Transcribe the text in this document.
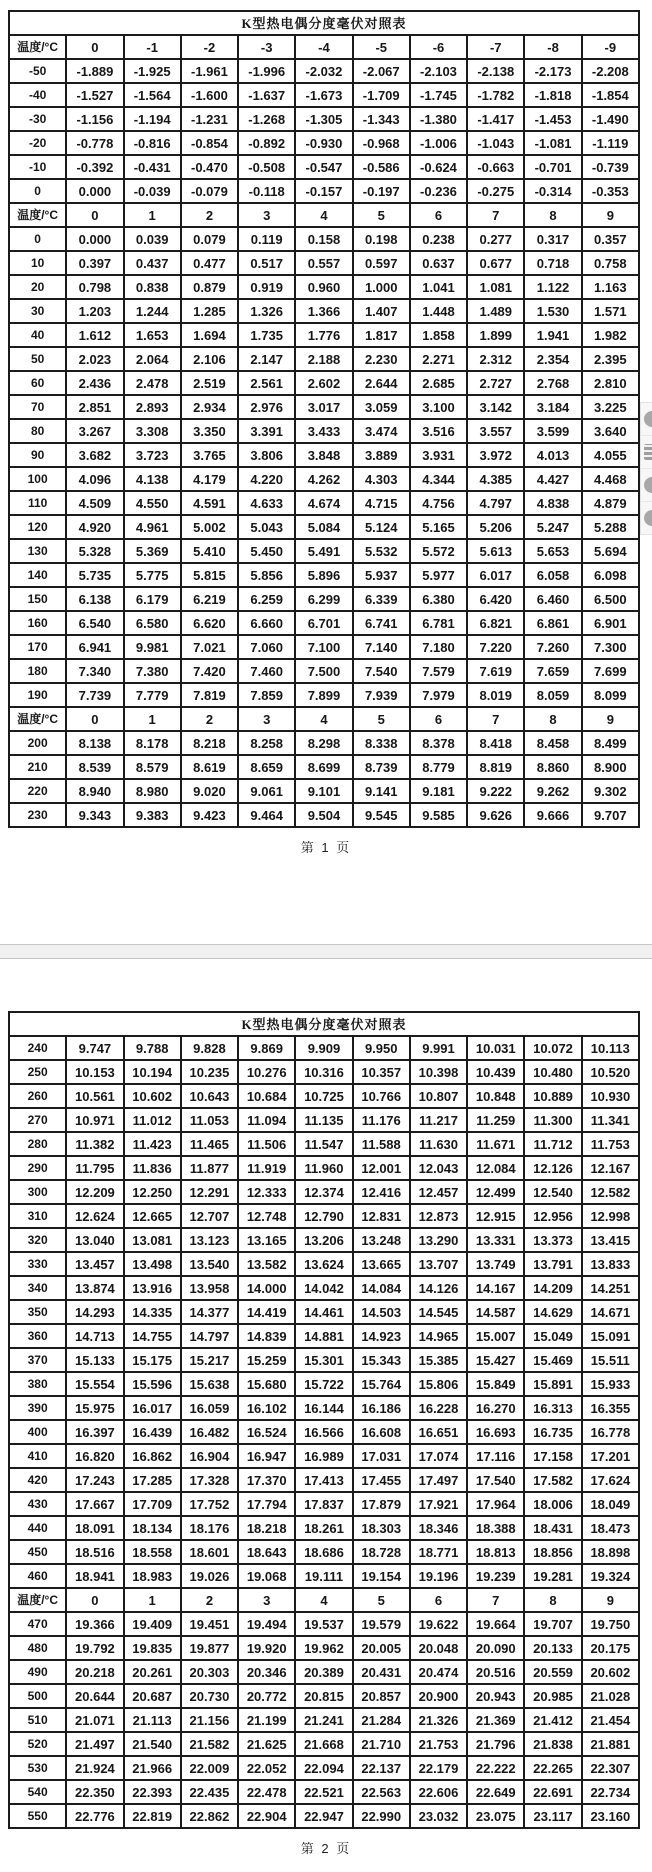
K型热电偶分度毫伏对照表										
温度/°C	0	-1	-2	-3	-4	-5	-6	-7	-8	-9
-50	-1.889	-1.925	-1.961	-1.996	-2.032	-2.067	-2.103	-2.138	-2.173	-2.208
-40	-1.527	-1.564	-1.600	-1.637	-1.673	-1.709	-1.745	-1.782	-1.818	-1.854
-30	-1.156	-1.194	-1.231	-1.268	-1.305	-1.343	-1.380	-1.417	-1.453	-1.490
-20	-0.778	-0.816	-0.854	-0.892	-0.930	-0.968	-1.006	-1.043	-1.081	-1.119
-10	-0.392	-0.431	-0.470	-0.508	-0.547	-0.586	-0.624	-0.663	-0.701	-0.739
0	0.000	-0.039	-0.079	-0.118	-0.157	-0.197	-0.236	-0.275	-0.314	-0.353
温度/°C	0	1	2	3	4	5	6	7	8	9
0	0.000	0.039	0.079	0.119	0.158	0.198	0.238	0.277	0.317	0.357
10	0.397	0.437	0.477	0.517	0.557	0.597	0.637	0.677	0.718	0.758
20	0.798	0.838	0.879	0.919	0.960	1.000	1.041	1.081	1.122	1.163
30	1.203	1.244	1.285	1.326	1.366	1.407	1.448	1.489	1.530	1.571
40	1.612	1.653	1.694	1.735	1.776	1.817	1.858	1.899	1.941	1.982
50	2.023	2.064	2.106	2.147	2.188	2.230	2.271	2.312	2.354	2.395
60	2.436	2.478	2.519	2.561	2.602	2.644	2.685	2.727	2.768	2.810
70	2.851	2.893	2.934	2.976	3.017	3.059	3.100	3.142	3.184	3.225
80	3.267	3.308	3.350	3.391	3.433	3.474	3.516	3.557	3.599	3.640
90	3.682	3.723	3.765	3.806	3.848	3.889	3.931	3.972	4.013	4.055
100	4.096	4.138	4.179	4.220	4.262	4.303	4.344	4.385	4.427	4.468
110	4.509	4.550	4.591	4.633	4.674	4.715	4.756	4.797	4.838	4.879
120	4.920	4.961	5.002	5.043	5.084	5.124	5.165	5.206	5.247	5.288
130	5.328	5.369	5.410	5.450	5.491	5.532	5.572	5.613	5.653	5.694
140	5.735	5.775	5.815	5.856	5.896	5.937	5.977	6.017	6.058	6.098
150	6.138	6.179	6.219	6.259	6.299	6.339	6.380	6.420	6.460	6.500
160	6.540	6.580	6.620	6.660	6.701	6.741	6.781	6.821	6.861	6.901
170	6.941	9.981	7.021	7.060	7.100	7.140	7.180	7.220	7.260	7.300
180	7.340	7.380	7.420	7.460	7.500	7.540	7.579	7.619	7.659	7.699
190	7.739	7.779	7.819	7.859	7.899	7.939	7.979	8.019	8.059	8.099
温度/°C	0	1	2	3	4	5	6	7	8	9
200	8.138	8.178	8.218	8.258	8.298	8.338	8.378	8.418	8.458	8.499
210	8.539	8.579	8.619	8.659	8.699	8.739	8.779	8.819	8.860	8.900
220	8.940	8.980	9.020	9.061	9.101	9.141	9.181	9.222	9.262	9.302
230	9.343	9.383	9.423	9.464	9.504	9.545	9.585	9.626	9.666	9.707
第 1 页
K型热电偶分度毫伏对照表										
240	9.747	9.788	9.828	9.869	9.909	9.950	9.991	10.031	10.072	10.113
250	10.153	10.194	10.235	10.276	10.316	10.357	10.398	10.439	10.480	10.520
260	10.561	10.602	10.643	10.684	10.725	10.766	10.807	10.848	10.889	10.930
270	10.971	11.012	11.053	11.094	11.135	11.176	11.217	11.259	11.300	11.341
280	11.382	11.423	11.465	11.506	11.547	11.588	11.630	11.671	11.712	11.753
290	11.795	11.836	11.877	11.919	11.960	12.001	12.043	12.084	12.126	12.167
300	12.209	12.250	12.291	12.333	12.374	12.416	12.457	12.499	12.540	12.582
310	12.624	12.665	12.707	12.748	12.790	12.831	12.873	12.915	12.956	12.998
320	13.040	13.081	13.123	13.165	13.206	13.248	13.290	13.331	13.373	13.415
330	13.457	13.498	13.540	13.582	13.624	13.665	13.707	13.749	13.791	13.833
340	13.874	13.916	13.958	14.000	14.042	14.084	14.126	14.167	14.209	14.251
350	14.293	14.335	14.377	14.419	14.461	14.503	14.545	14.587	14.629	14.671
360	14.713	14.755	14.797	14.839	14.881	14.923	14.965	15.007	15.049	15.091
370	15.133	15.175	15.217	15.259	15.301	15.343	15.385	15.427	15.469	15.511
380	15.554	15.596	15.638	15.680	15.722	15.764	15.806	15.849	15.891	15.933
390	15.975	16.017	16.059	16.102	16.144	16.186	16.228	16.270	16.313	16.355
400	16.397	16.439	16.482	16.524	16.566	16.608	16.651	16.693	16.735	16.778
410	16.820	16.862	16.904	16.947	16.989	17.031	17.074	17.116	17.158	17.201
420	17.243	17.285	17.328	17.370	17.413	17.455	17.497	17.540	17.582	17.624
430	17.667	17.709	17.752	17.794	17.837	17.879	17.921	17.964	18.006	18.049
440	18.091	18.134	18.176	18.218	18.261	18.303	18.346	18.388	18.431	18.473
450	18.516	18.558	18.601	18.643	18.686	18.728	18.771	18.813	18.856	18.898
460	18.941	18.983	19.026	19.068	19.111	19.154	19.196	19.239	19.281	19.324
温度/°C	0	1	2	3	4	5	6	7	8	9
470	19.366	19.409	19.451	19.494	19.537	19.579	19.622	19.664	19.707	19.750
480	19.792	19.835	19.877	19.920	19.962	20.005	20.048	20.090	20.133	20.175
490	20.218	20.261	20.303	20.346	20.389	20.431	20.474	20.516	20.559	20.602
500	20.644	20.687	20.730	20.772	20.815	20.857	20.900	20.943	20.985	21.028
510	21.071	21.113	21.156	21.199	21.241	21.284	21.326	21.369	21.412	21.454
520	21.497	21.540	21.582	21.625	21.668	21.710	21.753	21.796	21.838	21.881
530	21.924	21.966	22.009	22.052	22.094	22.137	22.179	22.222	22.265	22.307
540	22.350	22.393	22.435	22.478	22.521	22.563	22.606	22.649	22.691	22.734
550	22.776	22.819	22.862	22.904	22.947	22.990	23.032	23.075	23.117	23.160
第 2 页
